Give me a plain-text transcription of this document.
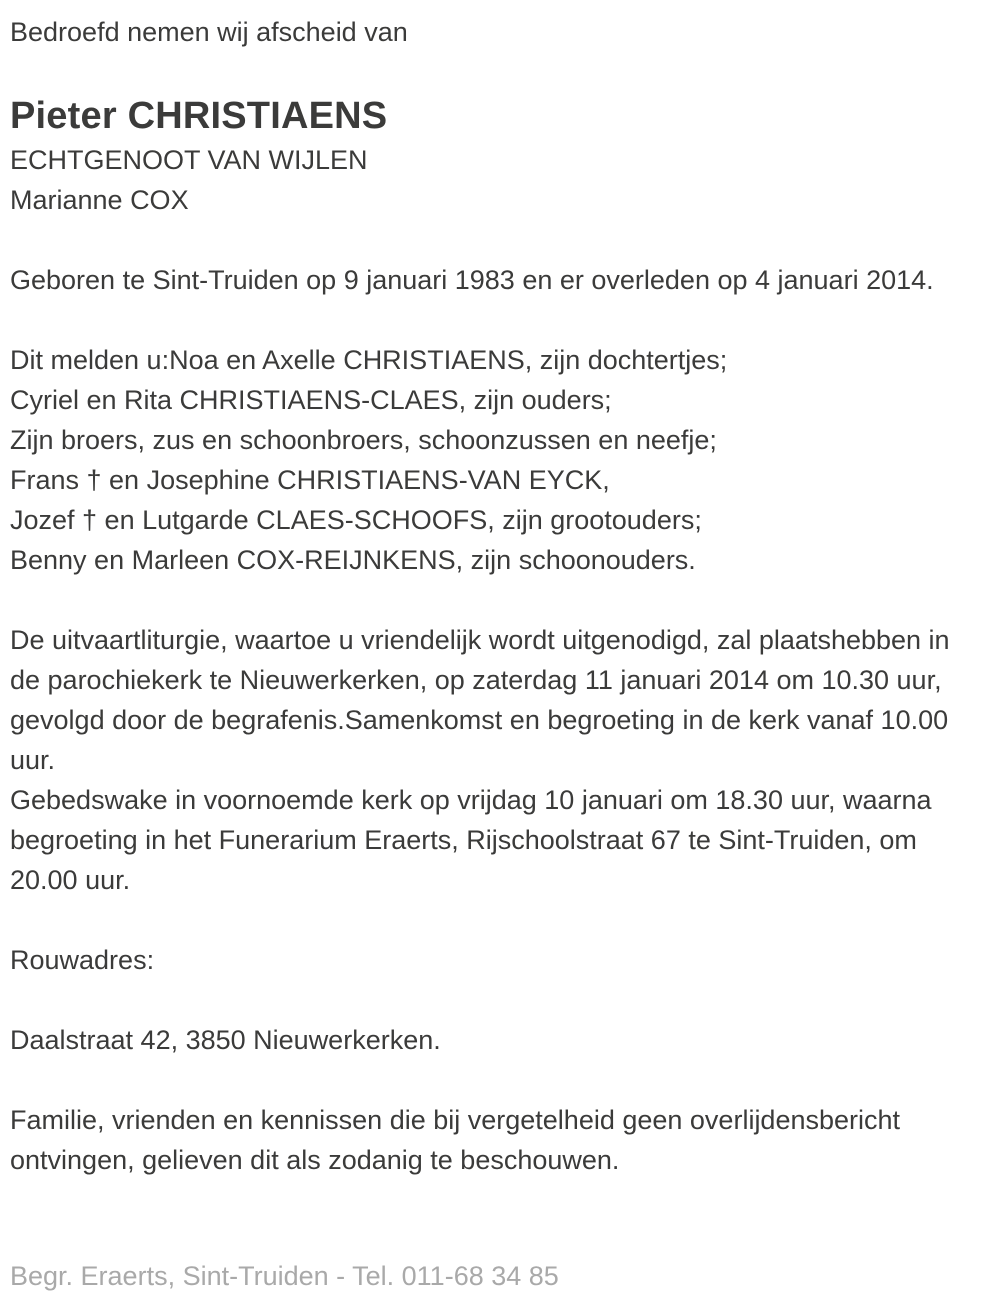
Bedroefd nemen wij afscheid van
Pieter CHRISTIAENS
ECHTGENOOT VAN WIJLEN
Marianne COX
Geboren te Sint-Truiden op 9 januari 1983 en er overleden op 4 januari 2014.
Dit melden u:Noa en Axelle CHRISTIAENS, zijn dochtertjes;
Cyriel en Rita CHRISTIAENS-CLAES, zijn ouders;
Zijn broers, zus en schoonbroers, schoonzussen en neefje;
Frans † en Josephine CHRISTIAENS-VAN EYCK,
Jozef † en Lutgarde CLAES-SCHOOFS, zijn grootouders;
Benny en Marleen COX-REIJNKENS, zijn schoonouders.
De uitvaartliturgie, waartoe u vriendelijk wordt uitgenodigd, zal plaatshebben in de parochiekerk te Nieuwerkerken, op zaterdag 11 januari 2014 om 10.30 uur, gevolgd door de begrafenis.Samenkomst en begroeting in de kerk vanaf 10.00 uur.
Gebedswake in voornoemde kerk op vrijdag 10 januari om 18.30 uur, waarna begroeting in het Funerarium Eraerts, Rijschoolstraat 67 te Sint-Truiden, om 20.00 uur.
Rouwadres:
Daalstraat 42, 3850 Nieuwerkerken.
Familie, vrienden en kennissen die bij vergetelheid geen overlijdensbericht ontvingen, gelieven dit als zodanig te beschouwen.
Begr. Eraerts, Sint-Truiden - Tel. 011-68 34 85
